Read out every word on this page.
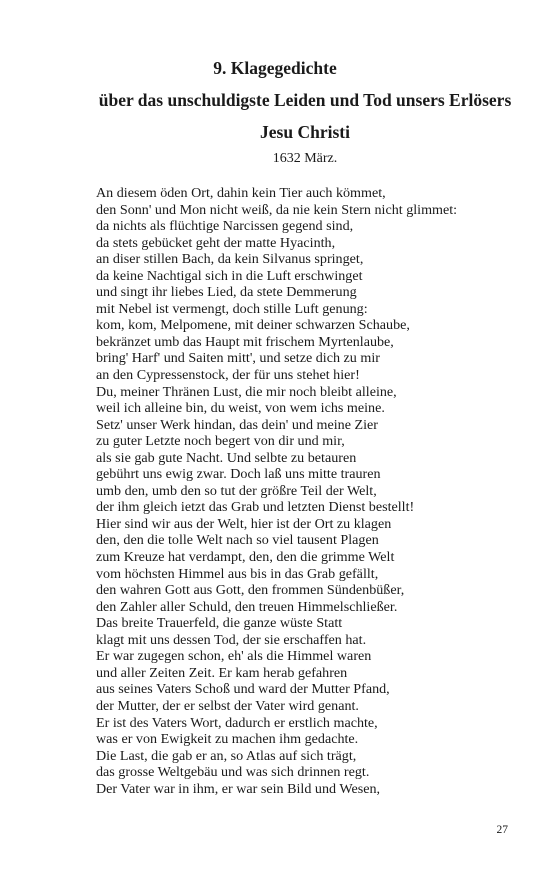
9. Klagegedichte

über das unschuldigste Leiden und Tod unsers Erlösers

Jesu Christi

1632 März.
An diesem öden Ort, dahin kein Tier auch kömmet,
den Sonn' und Mon nicht weiß, da nie kein Stern nicht glimmet:
da nichts als flüchtige Narcissen gegend sind,
da stets gebücket geht der matte Hyacinth,
an diser stillen Bach, da kein Silvanus springet,
da keine Nachtigal sich in die Luft erschwinget
und singt ihr liebes Lied, da stete Demmerung
mit Nebel ist vermengt, doch stille Luft genung:
kom, kom, Melpomene, mit deiner schwarzen Schaube,
bekränzet umb das Haupt mit frischem Myrtenlaube,
bring' Harf' und Saiten mitt', und setze dich zu mir
an den Cypressenstock, der für uns stehet hier!
Du, meiner Thränen Lust, die mir noch bleibt alleine,
weil ich alleine bin, du weist, von wem ichs meine.
Setz' unser Werk hindan, das dein' und meine Zier
zu guter Letzte noch begert von dir und mir,
als sie gab gute Nacht. Und selbte zu betauren
gebührt uns ewig zwar. Doch laß uns mitte trauren
umb den, umb den so tut der größre Teil der Welt,
der ihm gleich ietzt das Grab und letzten Dienst bestellt!
Hier sind wir aus der Welt, hier ist der Ort zu klagen
den, den die tolle Welt nach so viel tausent Plagen
zum Kreuze hat verdampt, den, den die grimme Welt
vom höchsten Himmel aus bis in das Grab gefällt,
den wahren Gott aus Gott, den frommen Sündenbüßer,
den Zahler aller Schuld, den treuen Himmelschließer.
Das breite Trauerfeld, die ganze wüste Statt
klagt mit uns dessen Tod, der sie erschaffen hat.
Er war zugegen schon, eh' als die Himmel waren
und aller Zeiten Zeit. Er kam herab gefahren
aus seines Vaters Schoß und ward der Mutter Pfand,
der Mutter, der er selbst der Vater wird genant.
Er ist des Vaters Wort, dadurch er erstlich machte,
was er von Ewigkeit zu machen ihm gedachte.
Die Last, die gab er an, so Atlas auf sich trägt,
das grosse Weltgebäu und was sich drinnen regt.
Der Vater war in ihm, er war sein Bild und Wesen,
27
